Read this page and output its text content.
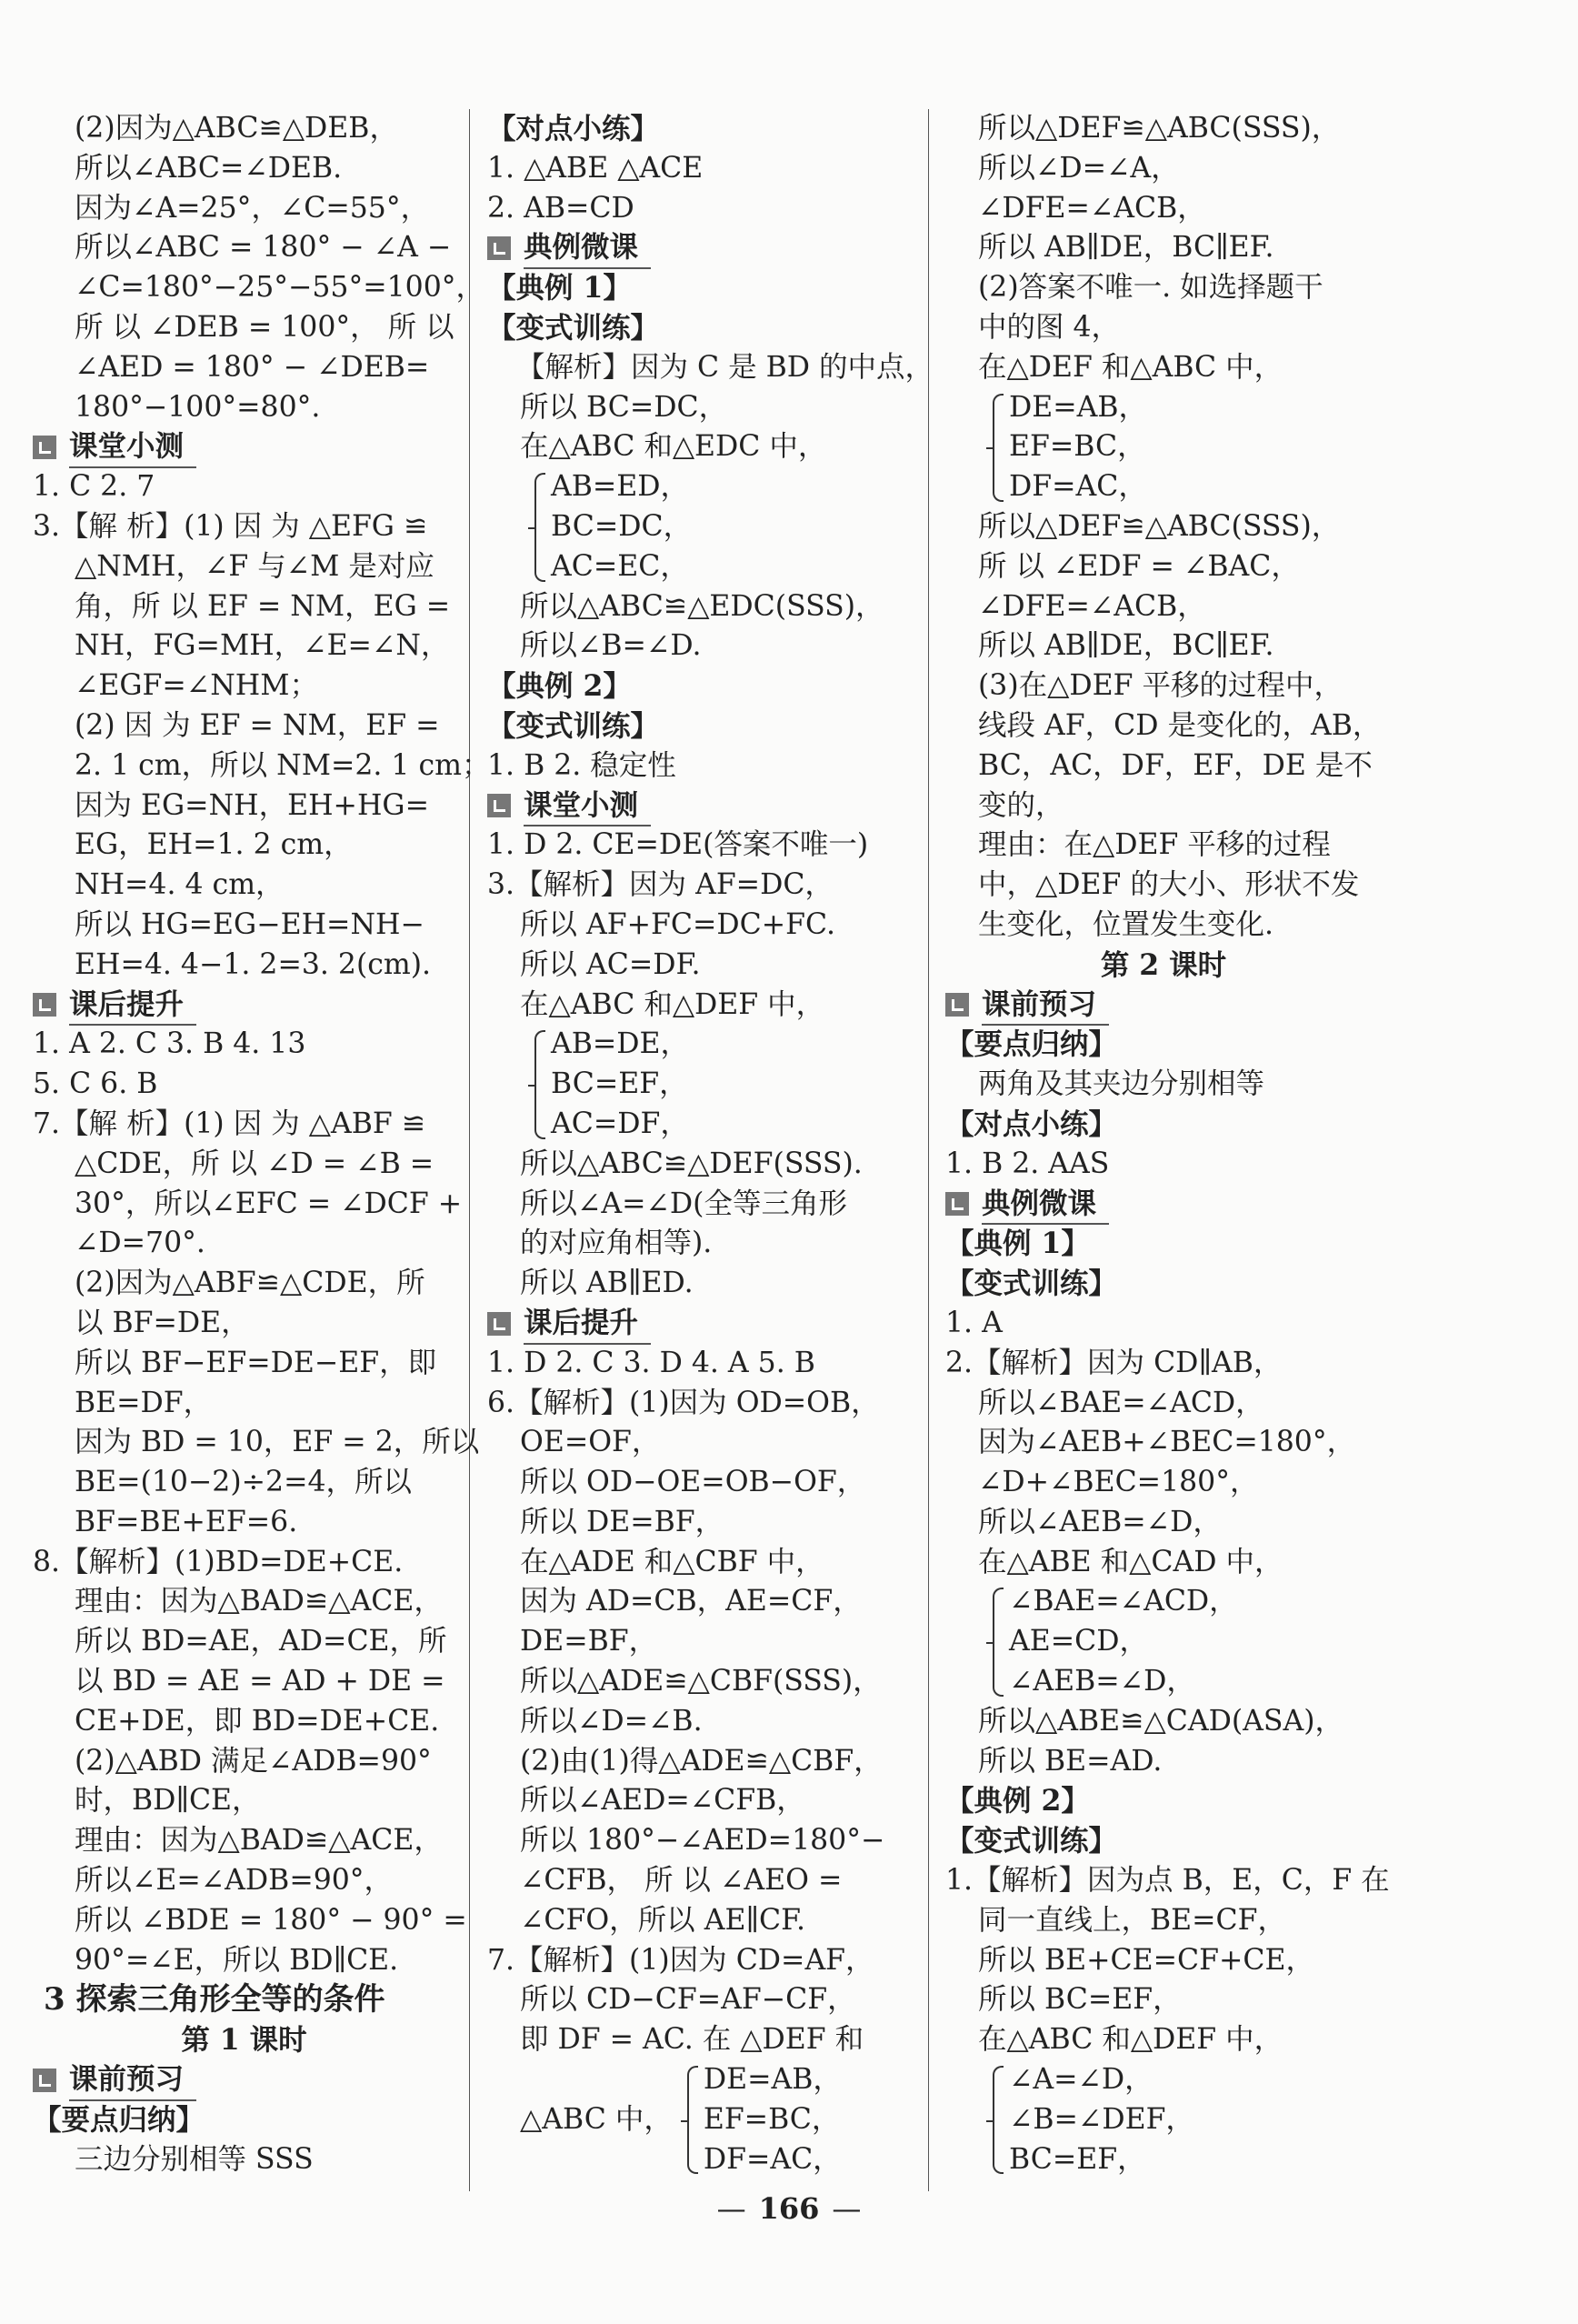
(2)因为△ABC≌△DEB，
所以∠ABC=∠DEB.
因为∠A=25°，∠C=55°，
所以∠ABC = 180° − ∠A −
∠C=180°−25°−55°=100°，
所 以 ∠DEB = 100°， 所 以
∠AED = 180° − ∠DEB=
180°−100°=80°.
课堂小测
1. C 2. 7
3.【解 析】(1) 因 为 △EFG ≌
△NMH，∠F 与∠M 是对应
角，所 以 EF = NM，EG =
NH，FG=MH，∠E=∠N，
∠EGF=∠NHM；
(2) 因 为 EF = NM，EF =
2. 1 cm，所以 NM=2. 1 cm；
因为 EG=NH，EH+HG=
EG，EH=1. 2 cm，
NH=4. 4 cm，
所以 HG=EG−EH=NH−
EH=4. 4−1. 2=3. 2(cm).
课后提升
1. A 2. C 3. B 4. 13
5. C 6. B
7.【解 析】(1) 因 为 △ABF ≌
△CDE，所 以 ∠D = ∠B =
30°，所以∠EFC = ∠DCF +
∠D=70°.
(2)因为△ABF≌△CDE，所
以 BF=DE，
所以 BF−EF=DE−EF，即
BE=DF，
因为 BD = 10，EF = 2，所以
BE=(10−2)÷2=4，所以
BF=BE+EF=6.
8.【解析】(1)BD=DE+CE.
理由：因为△BAD≌△ACE，
所以 BD=AE，AD=CE，所
以 BD = AE = AD + DE =
CE+DE，即 BD=DE+CE.
(2)△ABD 满足∠ADB=90°
时，BD∥CE，
理由：因为△BAD≌△ACE，
所以∠E=∠ADB=90°，
所以 ∠BDE = 180° − 90° =
90°=∠E，所以 BD∥CE.
3 探索三角形全等的条件
第 1 课时
课前预习
【要点归纳】
三边分别相等 SSS
【对点小练】
1. △ABE △ACE
2. AB=CD
典例微课
【典例 1】
【变式训练】
【解析】因为 C 是 BD 的中点，
所以 BC=DC，
在△ABC 和△EDC 中，
AB=ED，
BC=DC，
AC=EC，
所以△ABC≌△EDC(SSS)，
所以∠B=∠D.
【典例 2】
【变式训练】
1. B 2. 稳定性
课堂小测
1. D 2. CE=DE(答案不唯一)
3.【解析】因为 AF=DC，
所以 AF+FC=DC+FC.
所以 AC=DF.
在△ABC 和△DEF 中，
AB=DE，
BC=EF，
AC=DF，
所以△ABC≌△DEF(SSS).
所以∠A=∠D(全等三角形
的对应角相等).
所以 AB∥ED.
课后提升
1. D 2. C 3. D 4. A 5. B
6.【解析】(1)因为 OD=OB，
OE=OF，
所以 OD−OE=OB−OF，
所以 DE=BF，
在△ADE 和△CBF 中，
因为 AD=CB，AE=CF，
DE=BF，
所以△ADE≌△CBF(SSS)，
所以∠D=∠B.
(2)由(1)得△ADE≌△CBF，
所以∠AED=∠CFB，
所以 180°−∠AED=180°−
∠CFB， 所 以 ∠AEO =
∠CFO，所以 AE∥CF.
7.【解析】(1)因为 CD=AF，
所以 CD−CF=AF−CF，
即 DF = AC. 在 △DEF 和
△ABC 中，
DE=AB，
EF=BC，
DF=AC，
所以△DEF≌△ABC(SSS)，
所以∠D=∠A，
∠DFE=∠ACB，
所以 AB∥DE，BC∥EF.
(2)答案不唯一. 如选择题干
中的图 4，
在△DEF 和△ABC 中，
DE=AB，
EF=BC，
DF=AC，
所以△DEF≌△ABC(SSS)，
所 以 ∠EDF = ∠BAC，
∠DFE=∠ACB，
所以 AB∥DE，BC∥EF.
(3)在△DEF 平移的过程中，
线段 AF，CD 是变化的，AB，
BC，AC，DF，EF，DE 是不
变的，
理由：在△DEF 平移的过程
中，△DEF 的大小、形状不发
生变化，位置发生变化.
第 2 课时
课前预习
【要点归纳】
两角及其夹边分别相等
【对点小练】
1. B 2. AAS
典例微课
【典例 1】
【变式训练】
1. A
2.【解析】因为 CD∥AB，
所以∠BAE=∠ACD，
因为∠AEB+∠BEC=180°，
∠D+∠BEC=180°，
所以∠AEB=∠D，
在△ABE 和△CAD 中，
∠BAE=∠ACD，
AE=CD，
∠AEB=∠D，
所以△ABE≌△CAD(ASA)，
所以 BE=AD.
【典例 2】
【变式训练】
1.【解析】因为点 B，E，C，F 在
同一直线上，BE=CF，
所以 BE+CE=CF+CE，
所以 BC=EF，
在△ABC 和△DEF 中，
∠A=∠D，
∠B=∠DEF，
BC=EF，
— 166 —
